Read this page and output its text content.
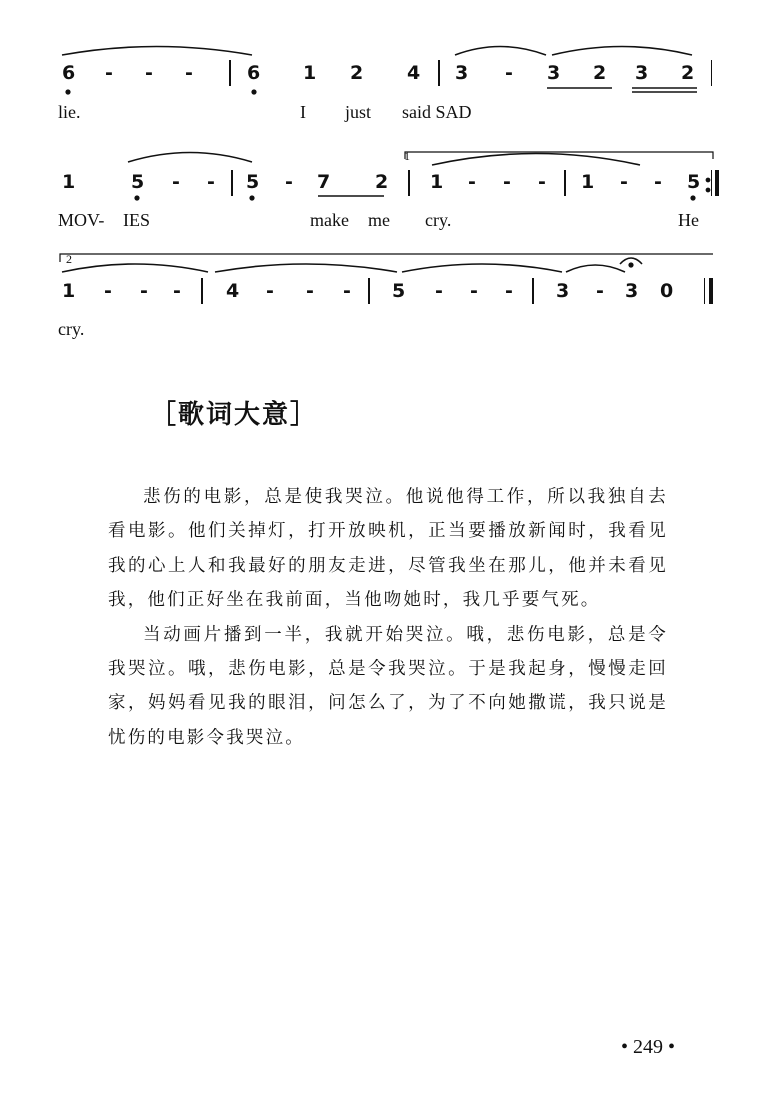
6 - - -	6 1 2 4 3 - 3 2 3 2
lie.	I just said SAD
1
1	5 - - 5 - 7 2 1 - - - 1 - - 5
MOV- IES	make me cry.	He
2
1 - - - 4 - - - 5 - - - 3 - 3 0
cry.
［歌词大意］

悲伤的电影，总是使我哭泣。他说他得工作，所以我独自去看电影。他们关掉灯，打开放映机，正当要播放新闻时，我看见我的心上人和我最好的朋友走进，尽管我坐在那儿，他并未看见我，他们正好坐在我前面，当他吻她时，我几乎要气死。

当动画片播到一半，我就开始哭泣。哦，悲伤电影，总是令我哭泣。哦，悲伤电影，总是令我哭泣。于是我起身，慢慢走回家，妈妈看见我的眼泪，问怎么了，为了不向她撒谎，我只说是忧伤的电影令我哭泣。

• 249 •
